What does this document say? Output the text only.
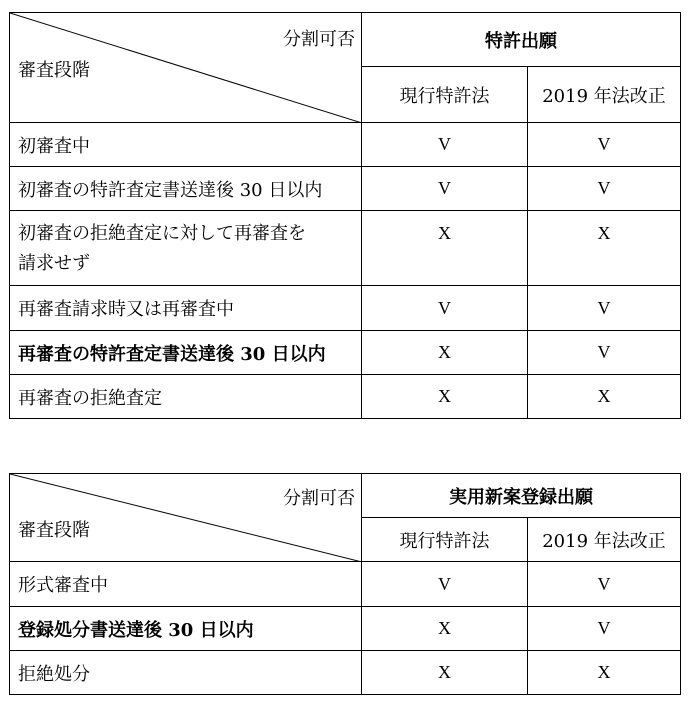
分割可否
審査段階	特許出願	
	現行特許法	2019 年法改正
初審査中	V	V
初審査の特許査定書送達後 30 日以内	V	V

初審査の拒絶査定に対して再審査を
請求せず	X	X
再審査請求時又は再審査中	V	V
再審査の特許査定書送達後 30 日以内	X	V
再審査の拒絶査定	X	X
分割可否
審査段階	実用新案登録出願	
	現行特許法	2019 年法改正
形式審査中	V	V
登録処分書送達後 30 日以内	X	V
拒絶処分	X	X
